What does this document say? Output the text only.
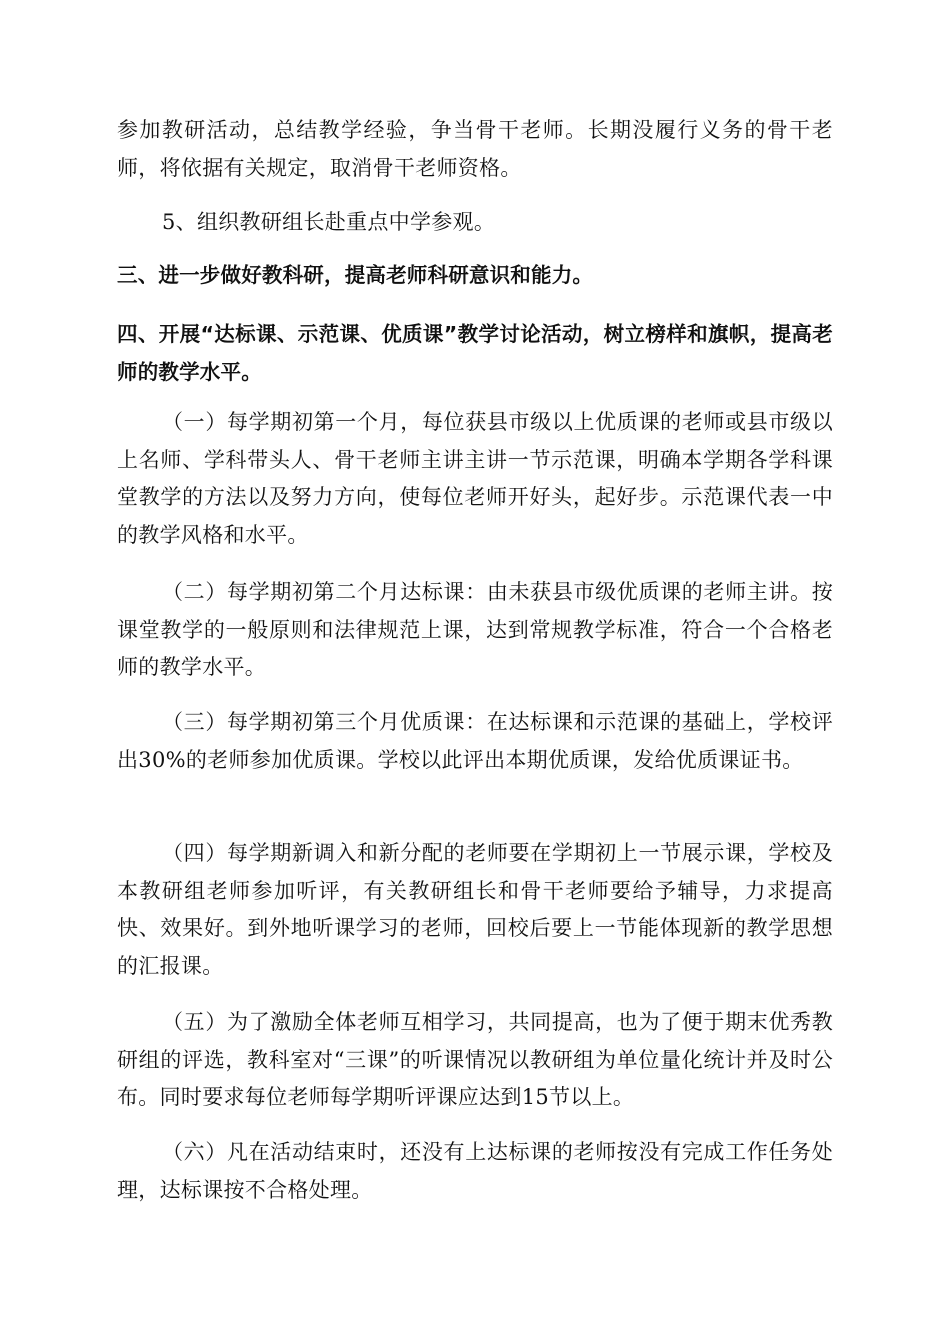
参加教研活动，总结教学经验，争当骨干老师。长期没履行义务的骨干老师，将依据有关规定，取消骨干老师资格。

5、组织教研组长赴重点中学参观。

三、进一步做好教科研，提高老师科研意识和能力。

四、开展“达标课、示范课、优质课”教学讨论活动，树立榜样和旗帜，提高老师的教学水平。

（一）每学期初第一个月，每位获县市级以上优质课的老师或县市级以上名师、学科带头人、骨干老师主讲主讲一节示范课，明确本学期各学科课堂教学的方法以及努力方向，使每位老师开好头，起好步。示范课代表一中的教学风格和水平。

（二）每学期初第二个月达标课：由未获县市级优质课的老师主讲。按课堂教学的一般原则和法律规范上课，达到常规教学标准，符合一个合格老师的教学水平。

（三）每学期初第三个月优质课：在达标课和示范课的基础上，学校评出30%的老师参加优质课。学校以此评出本期优质课，发给优质课证书。

（四）每学期新调入和新分配的老师要在学期初上一节展示课，学校及本教研组老师参加听评，有关教研组长和骨干老师要给予辅导，力求提高快、效果好。到外地听课学习的老师，回校后要上一节能体现新的教学思想的汇报课。

（五）为了激励全体老师互相学习，共同提高，也为了便于期末优秀教研组的评选，教科室对“三课”的听课情况以教研组为单位量化统计并及时公布。同时要求每位老师每学期听评课应达到15节以上。

（六）凡在活动结束时，还没有上达标课的老师按没有完成工作任务处理，达标课按不合格处理。
